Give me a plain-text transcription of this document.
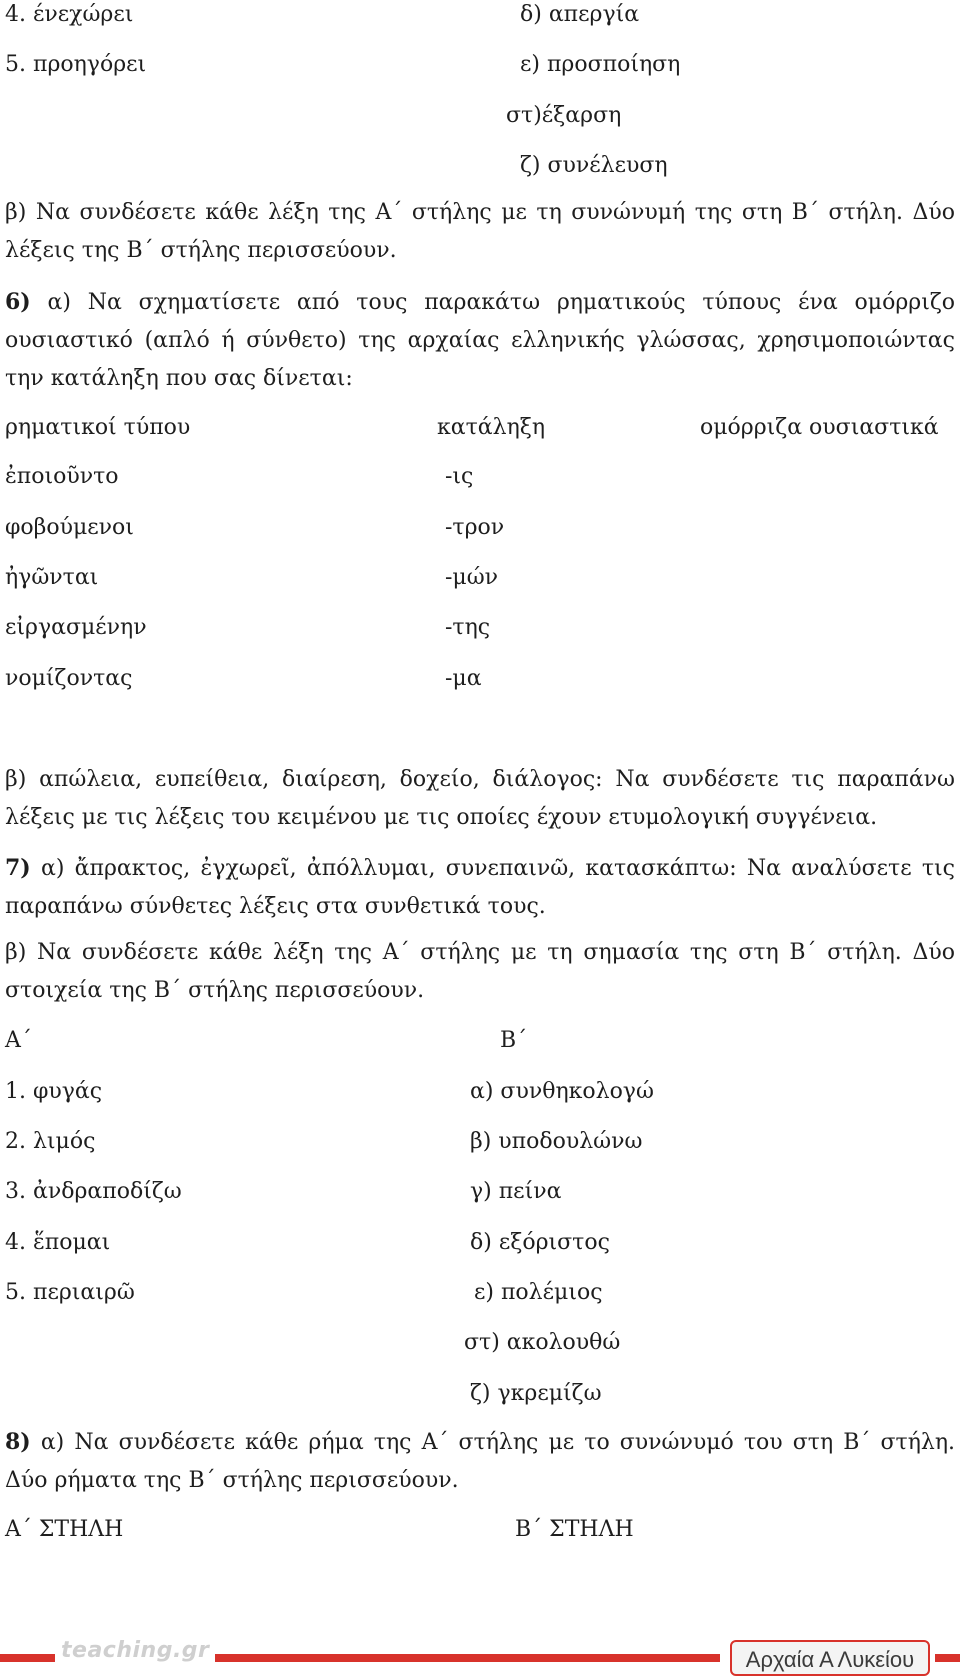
4. ένεχώρει	δ) απεργία
5. προηγόρει	ε) προσποίηση
στ)έξαρση
ζ) συνέλευση
β) Να συνδέσετε κάθε λέξη της Α΄ στήλης με τη συνώνυμή της στη Β΄ στήλη. Δύο λέξεις της Β΄ στήλης περισσεύουν.
6) α) Να σχηματίσετε από τους παρακάτω ρηματικούς τύπους ένα ομόρριζο ουσιαστικό (απλό ή σύνθετο) της αρχαίας ελληνικής γλώσσας, χρησιμοποιώντας την κατάληξη που σας δίνεται:
ρηματικοί τύπου	κατάληξη	ομόρριζα ουσιαστικά
ἐποιοῦντο	-ις
φοβούμενοι	-τρον
ἠγῶνται	-μών
εἰργασμένην	-της
νομίζοντας	-μα
β) απώλεια, ευπείθεια, διαίρεση, δοχείο, διάλογος: Να συνδέσετε τις παραπάνω λέξεις με τις λέξεις του κειμένου με τις οποίες έχουν ετυμολογική συγγένεια.
7) α) ἄπρακτος, ἐγχωρεῖ, ἀπόλλυμαι, συνεπαινῶ, κατασκάπτω: Να αναλύσετε τις παραπάνω σύνθετες λέξεις στα συνθετικά τους.
β) Να συνδέσετε κάθε λέξη της Α΄ στήλης με τη σημασία της στη Β΄ στήλη. Δύο στοιχεία της Β΄ στήλης περισσεύουν.
Α΄	Β΄
1. φυγάς	α) συνθηκολογώ
2. λιμός	β) υποδουλώνω
3. ἀνδραποδίζω	γ) πείνα
4. ἕπομαι	δ) εξόριστος
5. περιαιρῶ	ε) πολέμιος
στ) ακολουθώ
ζ) γκρεμίζω
8) α) Να συνδέσετε κάθε ρήμα της Α΄ στήλης με το συνώνυμό του στη Β΄ στήλη. Δύο ρήματα της Β΄ στήλης περισσεύουν.
Α΄ ΣΤΗΛΗ	Β΄ ΣΤΗΛΗ
teaching.gr	Αρχαία Α Λυκείου
